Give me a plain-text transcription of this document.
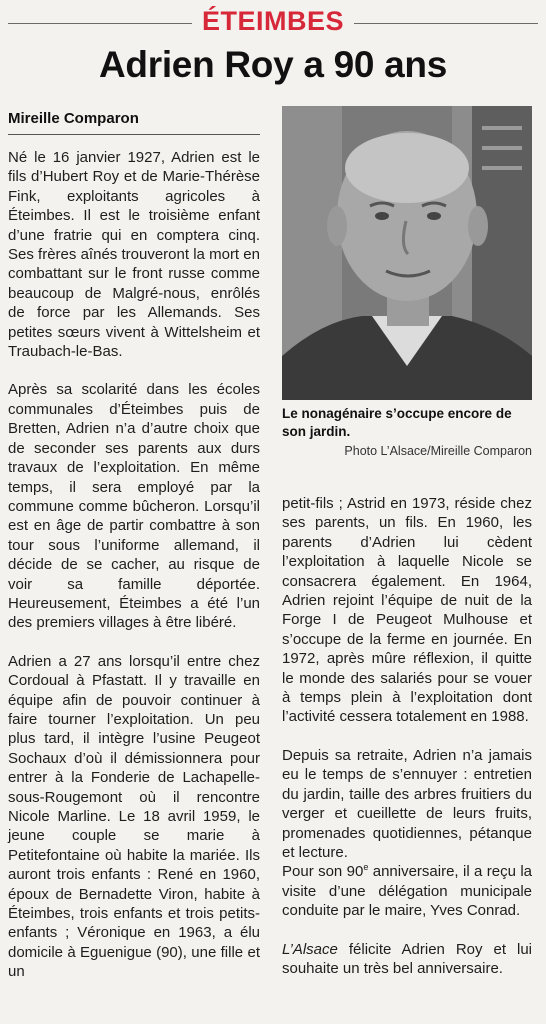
ÉTEIMBES
Adrien Roy a 90 ans
Mireille Comparon

Né le 16 janvier 1927, Adrien est le fils d’Hubert Roy et de Marie-Thérèse Fink, exploitants agricoles à Éteimbes. Il est le troisième enfant d’une fratrie qui en comptera cinq. Ses frères aînés trouveront la mort en combattant sur le front russe comme beaucoup de Malgré-nous, enrôlés de force par les Allemands. Ses petites sœurs vivent à Wittelsheim et Traubach-le-Bas.

Après sa scolarité dans les écoles communales d’Éteimbes puis de Bretten, Adrien n’a d’autre choix que de seconder ses parents aux durs travaux de l’exploitation. En même temps, il sera employé par la commune comme bûcheron. Lorsqu’il est en âge de partir combattre à son tour sous l’uniforme allemand, il décide de se cacher, au risque de voir sa famille déportée. Heureusement, Éteimbes a été l’un des premiers villages à être libéré.

Adrien a 27 ans lorsqu’il entre chez Cordoual à Pfastatt. Il y travaille en équipe afin de pouvoir continuer à faire tourner l’exploitation. Un peu plus tard, il intègre l’usine Peugeot Sochaux d’où il démissionnera pour entrer à la Fonderie de Lachapelle-sous-Rougemont où il rencontre Nicole Marline. Le 18 avril 1959, le jeune couple se marie à Petitefontaine où habite la mariée. Ils auront trois enfants : René en 1960, époux de Bernadette Viron, habite à Éteimbes, trois enfants et trois petits-enfants ; Véronique en 1963, a élu domicile à Eguenigue (90), une fille et un

Le nonagénaire s’occupe encore de son jardin.
Photo L’Alsace/Mireille Comparon

petit-fils ; Astrid en 1973, réside chez ses parents, un fils. En 1960, les parents d’Adrien lui cèdent l’exploitation à laquelle Nicole se consacrera également. En 1964, Adrien rejoint l’équipe de nuit de la Forge I de Peugeot Mulhouse et s’occupe de la ferme en journée. En 1972, après mûre réflexion, il quitte le monde des salariés pour se vouer à temps plein à l’exploitation dont l’activité cessera totalement en 1988.

Depuis sa retraite, Adrien n’a jamais eu le temps de s’ennuyer : entretien du jardin, taille des arbres fruitiers du verger et cueillette de leurs fruits, promenades quotidiennes, pétanque et lecture.

Pour son 90e anniversaire, il a reçu la visite d’une délégation municipale conduite par le maire, Yves Conrad.

L’Alsace félicite Adrien Roy et lui souhaite un très bel anniversaire.
